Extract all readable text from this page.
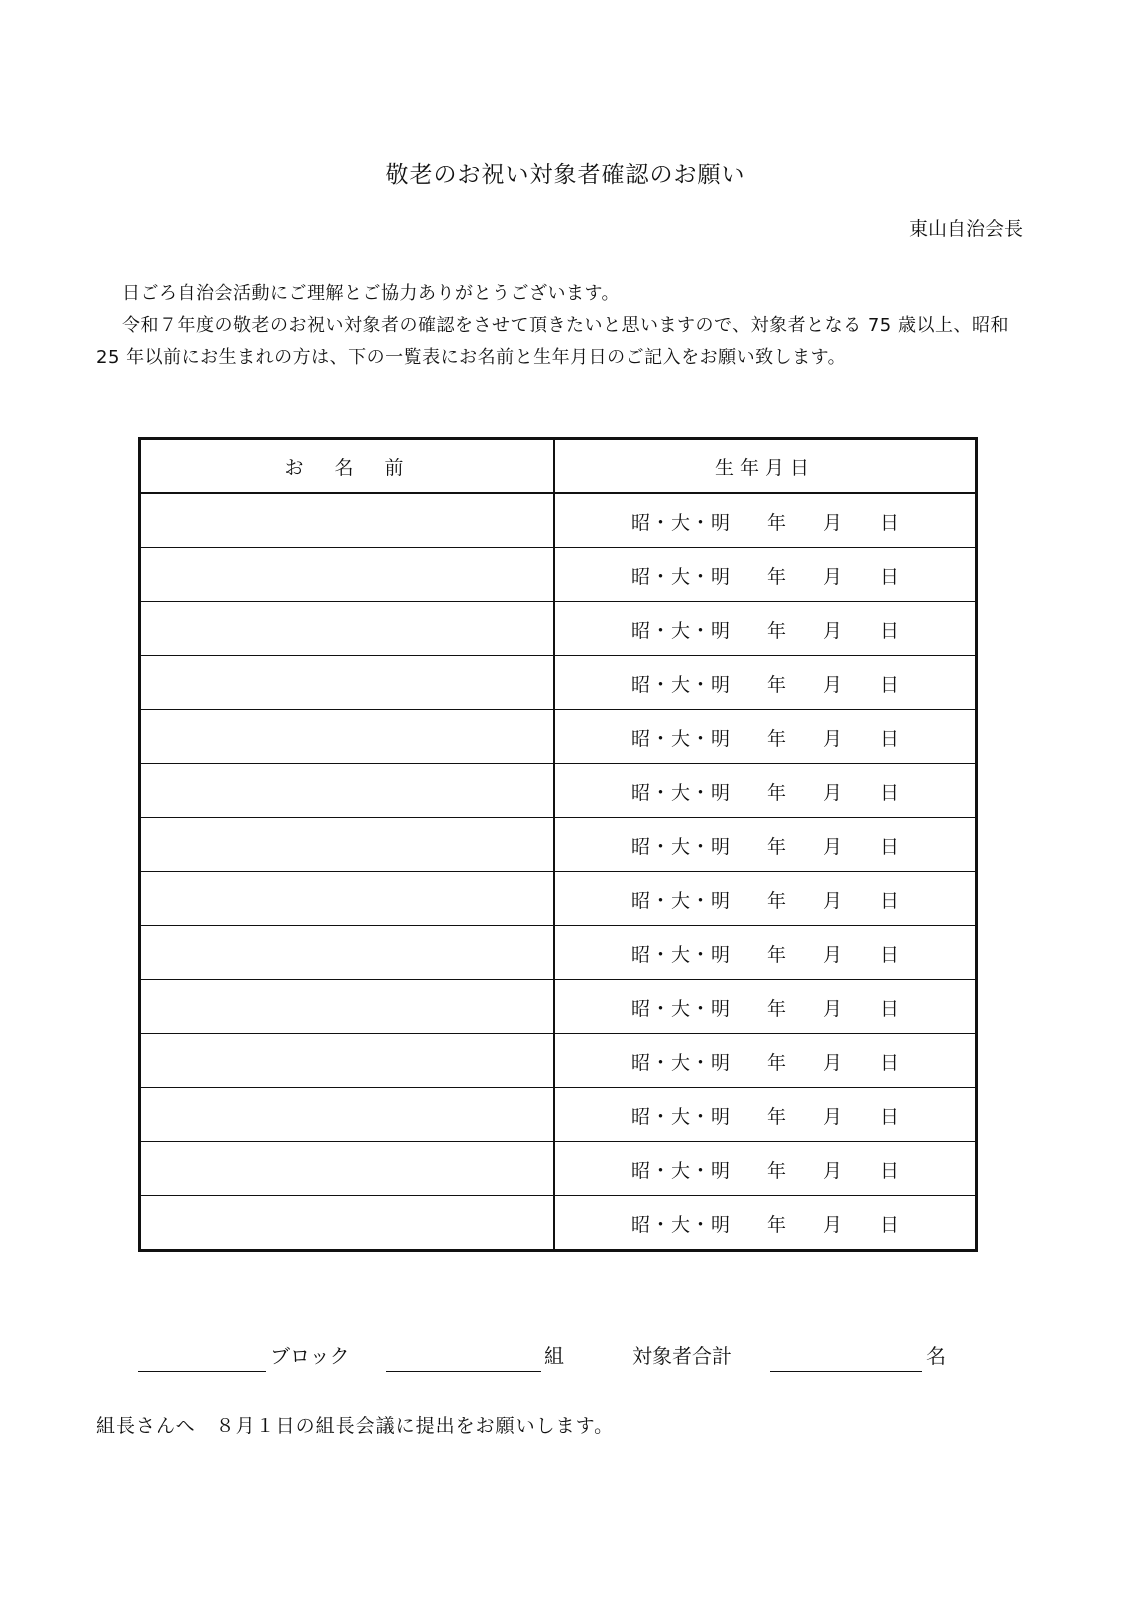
敬老のお祝い対象者確認のお願い
東山自治会長
日ごろ自治会活動にご理解とご協力ありがとうございます。
令和７年度の敬老のお祝い対象者の確認をさせて頂きたいと思いますので、対象者となる 75 歳以上、昭和 25 年以前にお生まれの方は、下の一覧表にお名前と生年月日のご記入をお願い致します。
お　名　前	生年月日

	昭・大・明 年 月 日

	昭・大・明 年 月 日

	昭・大・明 年 月 日

	昭・大・明 年 月 日

	昭・大・明 年 月 日

	昭・大・明 年 月 日

	昭・大・明 年 月 日

	昭・大・明 年 月 日

	昭・大・明 年 月 日

	昭・大・明 年 月 日

	昭・大・明 年 月 日

	昭・大・明 年 月 日

	昭・大・明 年 月 日

	昭・大・明 年 月 日
ブロック	組	対象者合計	名
組長さんへ　８月１日の組長会議に提出をお願いします。
